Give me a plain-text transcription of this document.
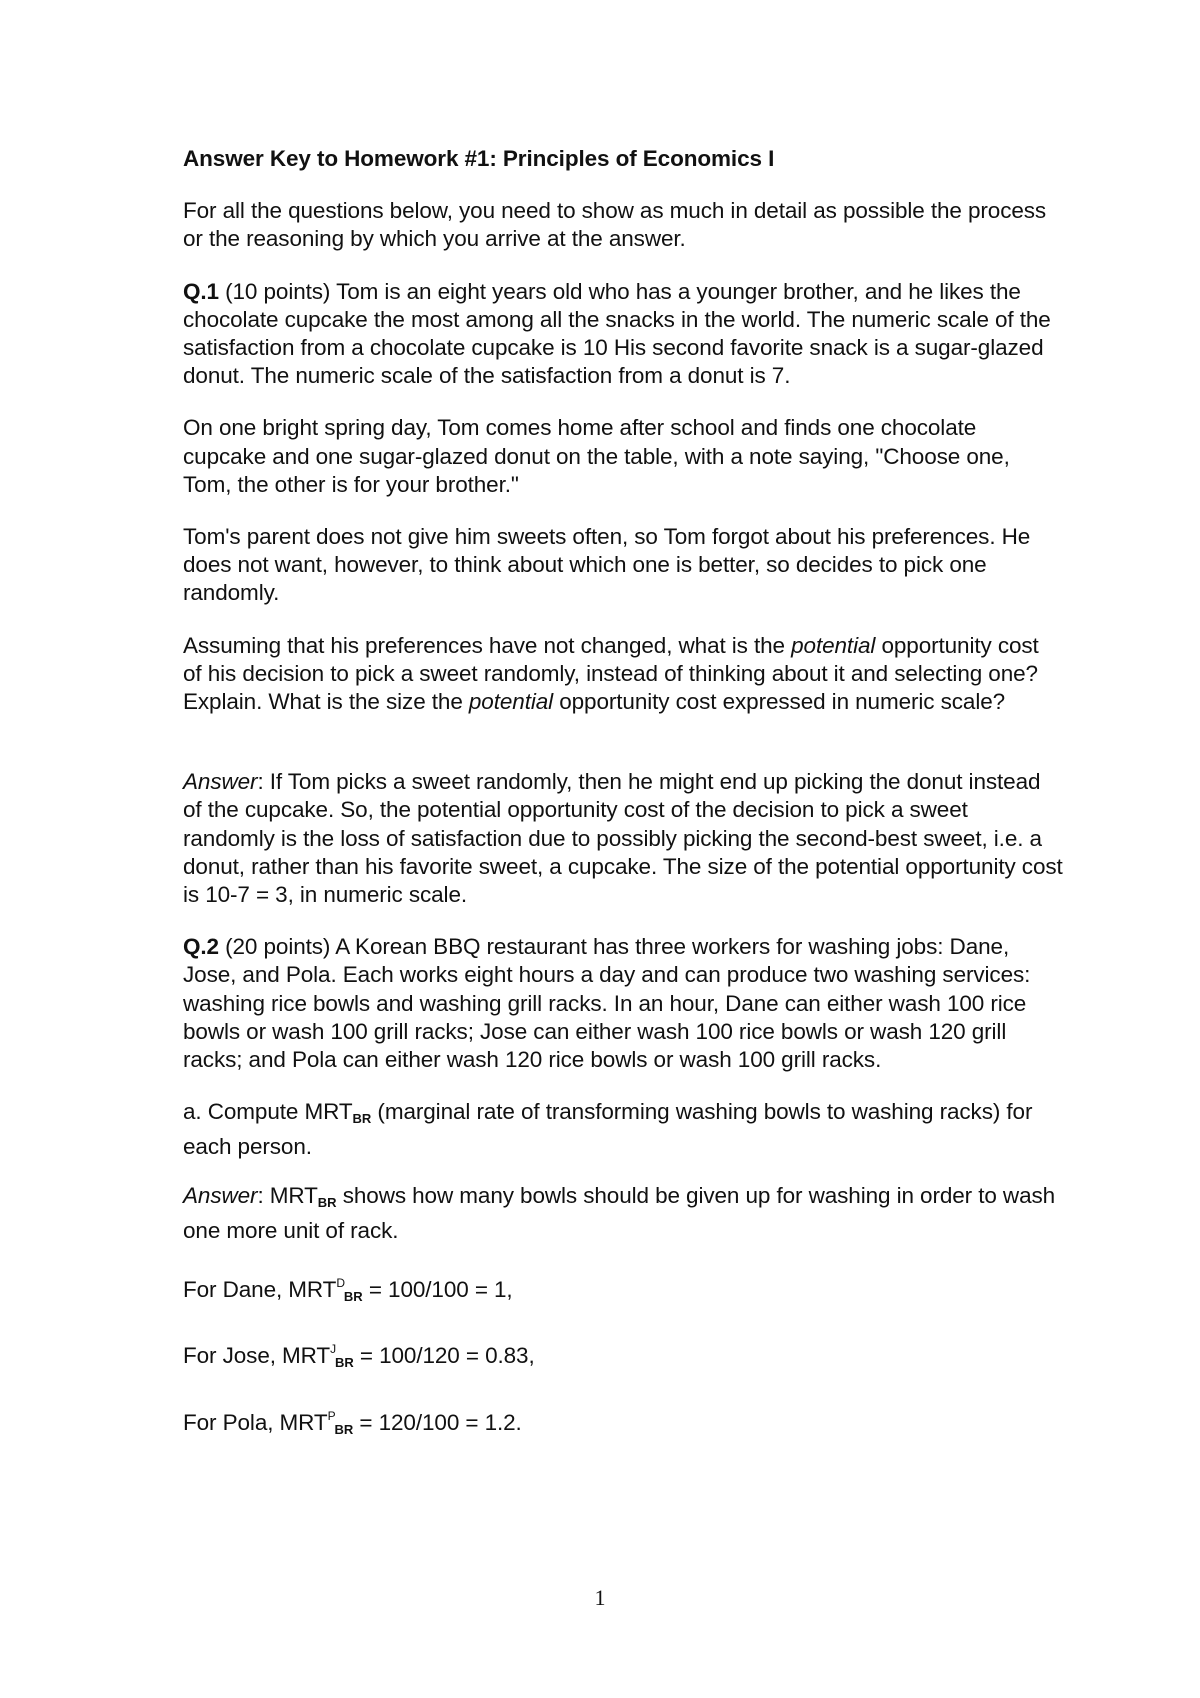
Answer Key to Homework #1: Principles of Economics I

For all the questions below, you need to show as much in detail as possible the process or the reasoning by which you arrive at the answer.

Q.1 (10 points) Tom is an eight years old who has a younger brother, and he likes the chocolate cupcake the most among all the snacks in the world. The numeric scale of the satisfaction from a chocolate cupcake is 10 His second favorite snack is a sugar-glazed donut. The numeric scale of the satisfaction from a donut is 7.

On one bright spring day, Tom comes home after school and finds one chocolate cupcake and one sugar-glazed donut on the table, with a note saying, "Choose one, Tom, the other is for your brother."

Tom's parent does not give him sweets often, so Tom forgot about his preferences. He does not want, however, to think about which one is better, so decides to pick one randomly.

Assuming that his preferences have not changed, what is the potential opportunity cost of his decision to pick a sweet randomly, instead of thinking about it and selecting one? Explain. What is the size the potential opportunity cost expressed in numeric scale?

Answer: If Tom picks a sweet randomly, then he might end up picking the donut instead of the cupcake. So, the potential opportunity cost of the decision to pick a sweet randomly is the loss of satisfaction due to possibly picking the second-best sweet, i.e. a donut, rather than his favorite sweet, a cupcake. The size of the potential opportunity cost is 10-7 = 3, in numeric scale.

Q.2 (20 points) A Korean BBQ restaurant has three workers for washing jobs: Dane, Jose, and Pola. Each works eight hours a day and can produce two washing services: washing rice bowls and washing grill racks. In an hour, Dane can either wash 100 rice bowls or wash 100 grill racks; Jose can either wash 100 rice bowls or wash 120 grill racks; and Pola can either wash 120 rice bowls or wash 100 grill racks.

a. Compute $MRT_{BR}$ (marginal rate of transforming washing bowls to washing racks) for each person.

Answer: $MRT_{BR}$ shows how many bowls should be given up for washing in order to wash one more unit of rack.

For Dane, $MRT^D_{BR} = 100/100 = 1$,

For Jose, $MRT^J_{BR} = 100/120 = 0.83$,

For Pola, $MRT^P_{BR} = 120/100 = 1.2$.

1
